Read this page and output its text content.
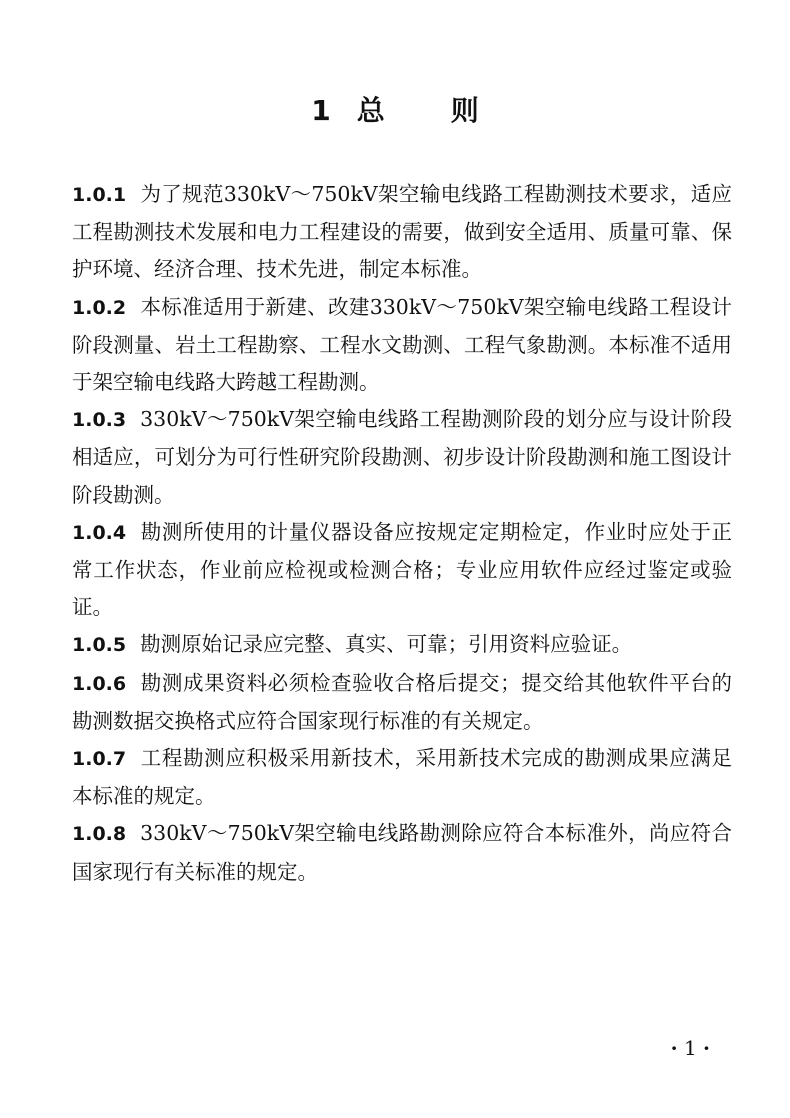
1 总则

1.0.1 为了规范330kV～750kV架空输电线路工程勘测技术要求，适应工程勘测技术发展和电力工程建设的需要，做到安全适用、质量可靠、保护环境、经济合理、技术先进，制定本标准。

1.0.2 本标准适用于新建、改建330kV～750kV架空输电线路工程设计阶段测量、岩土工程勘察、工程水文勘测、工程气象勘测。本标准不适用于架空输电线路大跨越工程勘测。

1.0.3 330kV～750kV架空输电线路工程勘测阶段的划分应与设计阶段相适应，可划分为可行性研究阶段勘测、初步设计阶段勘测和施工图设计阶段勘测。

1.0.4 勘测所使用的计量仪器设备应按规定定期检定，作业时应处于正常工作状态，作业前应检视或检测合格；专业应用软件应经过鉴定或验证。

1.0.5 勘测原始记录应完整、真实、可靠；引用资料应验证。

1.0.6 勘测成果资料必须检查验收合格后提交；提交给其他软件平台的勘测数据交换格式应符合国家现行标准的有关规定。

1.0.7 工程勘测应积极采用新技术，采用新技术完成的勘测成果应满足本标准的规定。

1.0.8 330kV～750kV架空输电线路勘测除应符合本标准外，尚应符合国家现行有关标准的规定。

· 1 ·
